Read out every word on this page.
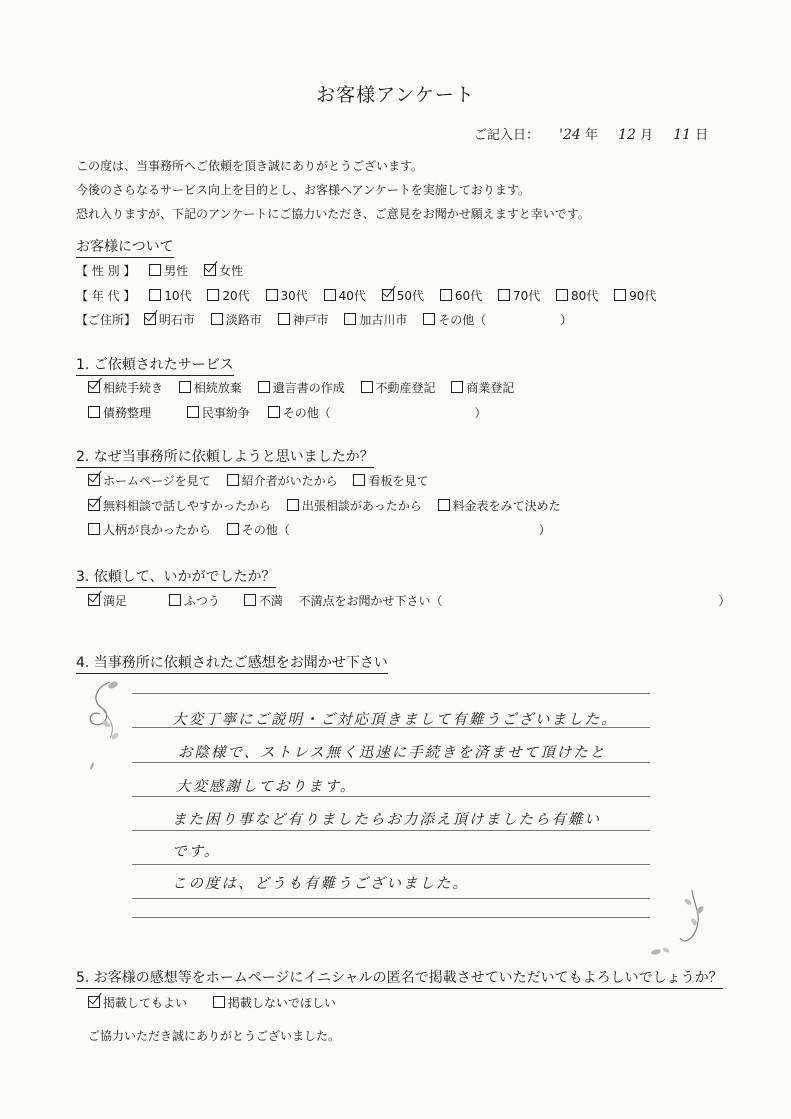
お客様アンケート
ご記入日： '24 年 12 月 11 日
この度は、当事務所へご依頼を頂き誠にありがとうございます。
今後のさらなるサービス向上を目的とし、お客様へアンケートを実施しております。
恐れ入りますが、下記のアンケートにご協力いただき、ご意見をお聞かせ願えますと幸いです。
お客様について
【 性 別 】 男性	女性
【 年 代 】 10代	20代	30代	40代	50代	60代	70代	80代	90代
【ご住所】 明石市	淡路市	神戸市	加古川市	その他（	）
1. ご依頼されたサービス
相続手続き	相続放棄	遺言書の作成	不動産登記	商業登記
債務整理	民事紛争	その他（	）
2. なぜ当事務所に依頼しようと思いましたか？
ホームページを見て	紹介者がいたから	看板を見て
無料相談で話しやすかったから	出張相談があったから	料金表をみて決めた
人柄が良かったから	その他（	）
3. 依頼して、いかがでしたか？
満足	ふつう	不満 不満点をお聞かせ下さい（	）
4. 当事務所に依頼されたご感想をお聞かせ下さい
大変丁寧にご説明・ご対応頂きまして有難うございました。
お陰様で、ストレス無く迅速に手続きを済ませて頂けたと
大変感謝しております。
また困り事など有りましたらお力添え頂けましたら有難い
です。
この度は、どうも有難うございました。
5. お客様の感想等をホームページにイニシャルの匿名で掲載させていただいてもよろしいでしょうか？
掲載してもよい	掲載しないでほしい
ご協力いただき誠にありがとうございました。
